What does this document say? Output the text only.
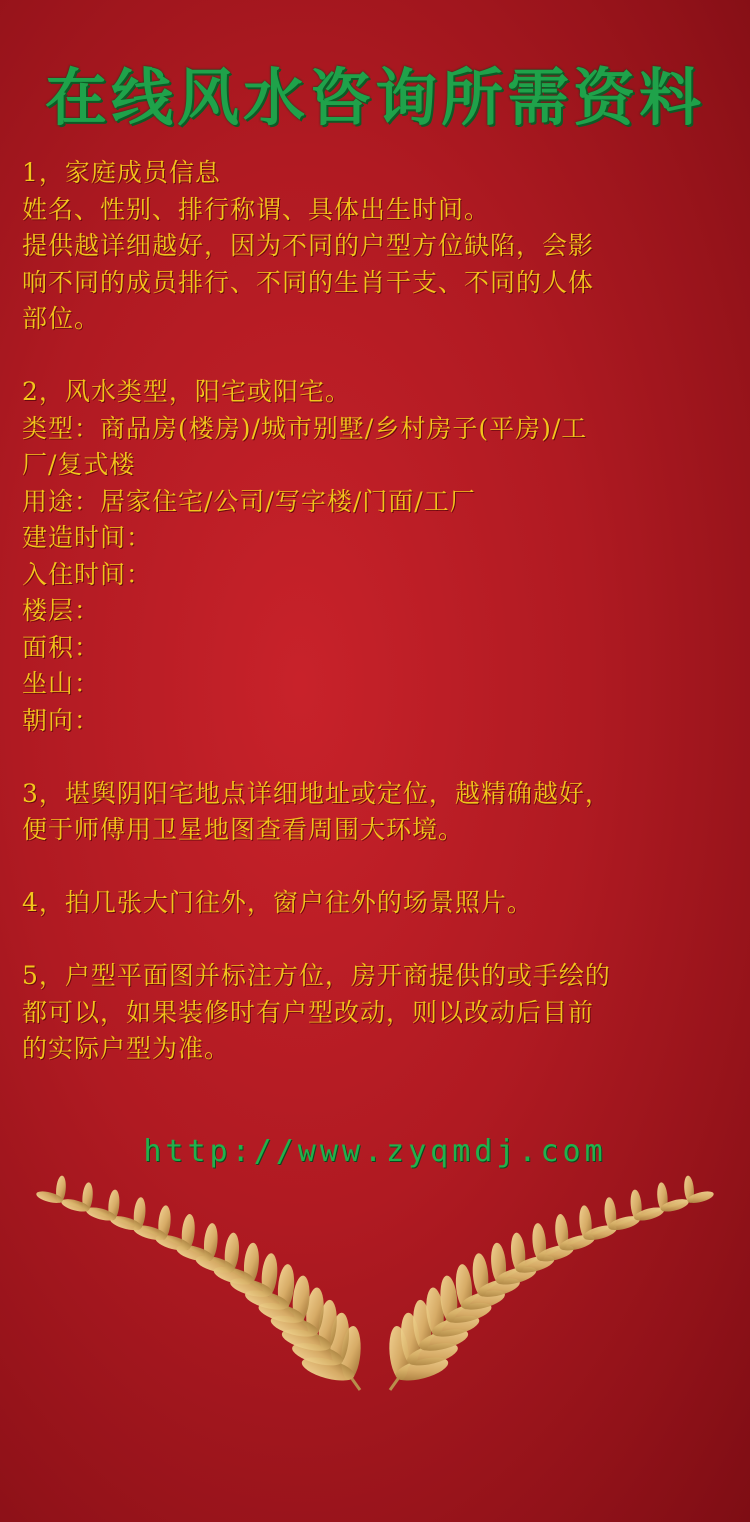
在线风水咨询所需资料
1，家庭成员信息
姓名、性别、排行称谓、具体出生时间。
提供越详细越好，因为不同的户型方位缺陷，会影
响不同的成员排行、不同的生肖干支、不同的人体
部位。
2，风水类型，阳宅或阳宅。
类型：商品房(楼房)/城市别墅/乡村房子(平房)/工
厂/复式楼
用途：居家住宅/公司/写字楼/门面/工厂
建造时间：
入住时间：
楼层：
面积：
坐山：
朝向：
3，堪舆阴阳宅地点详细地址或定位，越精确越好，
便于师傅用卫星地图查看周围大环境。
4，拍几张大门往外，窗户往外的场景照片。
5，户型平面图并标注方位，房开商提供的或手绘的
都可以，如果装修时有户型改动，则以改动后目前
的实际户型为准。
http://www.zyqmdj.com
